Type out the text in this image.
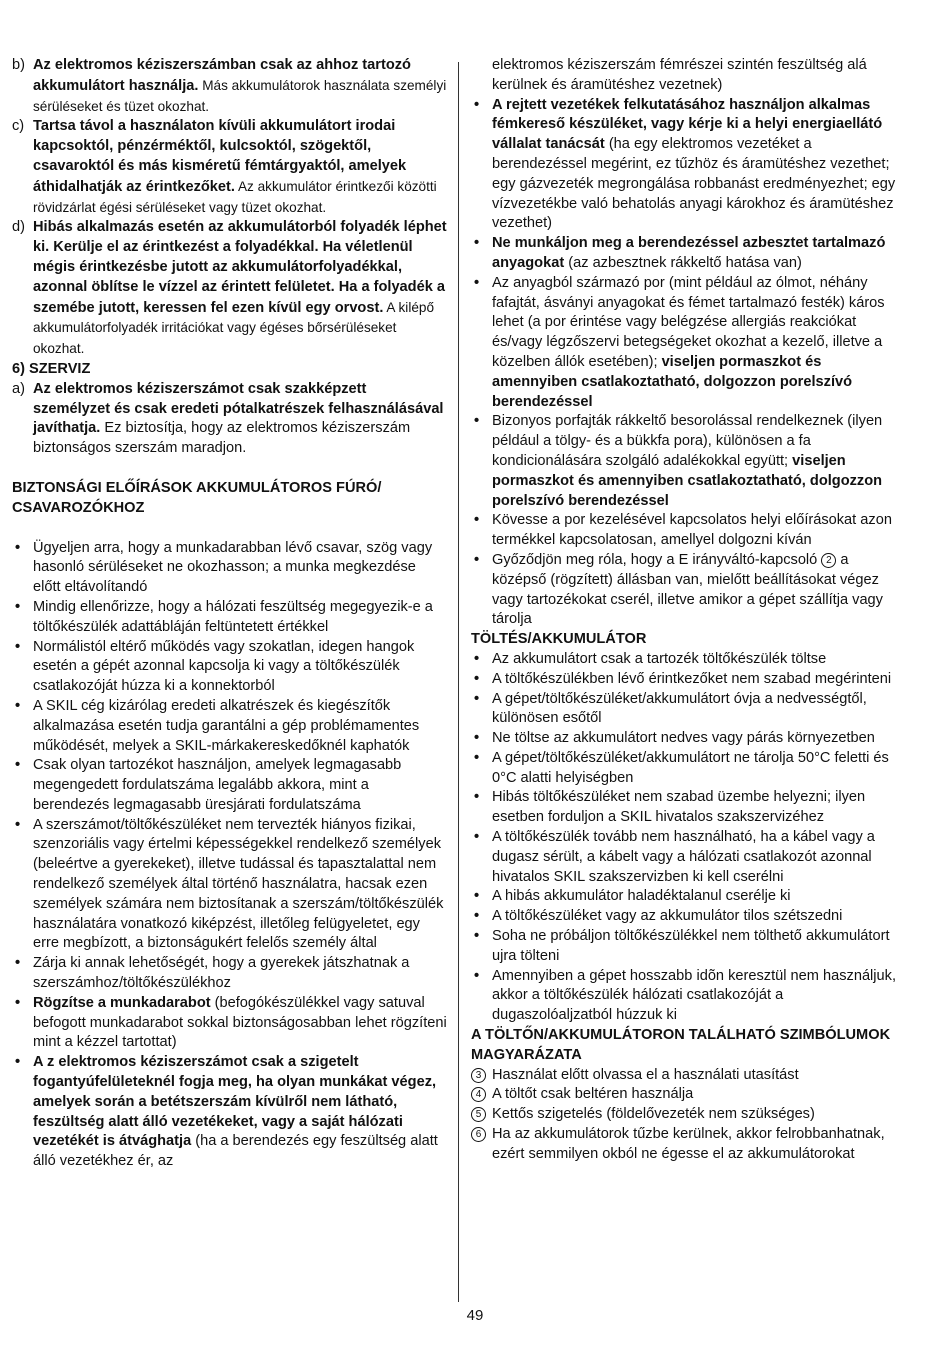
b) Az elektromos kéziszerszámban csak az ahhoz tartozó akkumulátort használja. Más akkumulátorok használata személyi sérüléseket és tüzet okozhat.
c) Tartsa távol a használaton kívüli akkumulátort irodai kapcsoktól, pénzérméktől, kulcsoktól, szögektől, csavaroktól és más kisméretű fémtárgyaktól, amelyek áthidalhatják az érintkezőket. Az akkumulátor érintkezői közötti rövidzárlat égési sérüléseket vagy tüzet okozhat.
d) Hibás alkalmazás esetén az akkumulátorból folyadék léphet ki. Kerülje el az érintkezést a folyadékkal. Ha véletlenül mégis érintkezésbe jutott az akkumulátorfolyadékkal, azonnal öblítse le vízzel az érintett felületet. Ha a folyadék a szemébe jutott, keressen fel ezen kívül egy orvost. A kilépő akkumulátorfolyadék irritációkat vagy égéses bőrsérüléseket okozhat.
6) SZERVIZ
a) Az elektromos kéziszerszámot csak szakképzett személyzet és csak eredeti pótalkatrészek felhasználásával javíthatja. Ez biztosítja, hogy az elektromos kéziszerszám biztonságos szerszám maradjon.
BIZTONSÁGI ELŐÍRÁSOK AKKUMULÁTOROS FÚRÓ/ CSAVAROZÓKHOZ
• Ügyeljen arra, hogy a munkadarabban lévő csavar, szög vagy hasonló sérüléseket ne okozhasson; a munka megkezdése előtt eltávolítandó
• Mindig ellenőrizze, hogy a hálózati feszültség megegyezik-e a töltőkészülék adattábláján feltüntetett értékkel
• Normálistól eltérő működés vagy szokatlan, idegen hangok esetén a gépét azonnal kapcsolja ki vagy a töltőkészülék csatlakozóját húzza ki a konnektorból
• A SKIL cég kizárólag eredeti alkatrészek és kiegészítők alkalmazása esetén tudja garantálni a gép problémamentes működését, melyek a SKIL-márkakereskedőknél kaphatók
• Csak olyan tartozékot használjon, amelyek legmagasabb megengedett fordulatszáma legalább akkora, mint a berendezés legmagasabb üresjárati fordulatszáma
• A szerszámot/töltőkészüléket nem tervezték hiányos fizikai, szenzoriális vagy értelmi képességekkel rendelkező személyek (beleértve a gyerekeket), illetve tudással és tapasztalattal nem rendelkező személyek által történő használatra, hacsak ezen személyek számára nem biztosítanak a szerszám/töltőkészülék használatára vonatkozó kiképzést, illetőleg felügyeletet, egy erre megbízott, a biztonságukért felelős személy által
• Zárja ki annak lehetőségét, hogy a gyerekek játszhatnak a szerszámhoz/töltőkészülékhoz
• Rögzítse a munkadarabot (befogókészülékkel vagy satuval befogott munkadarabot sokkal biztonságosabban lehet rögzíteni mint a kézzel tartottat)
• A z elektromos kéziszerszámot csak a szigetelt fogantyúfelületeknél fogja meg, ha olyan munkákat végez, amelyek során a betétszerszám kívülről nem látható, feszültség alatt álló vezetékeket, vagy a saját hálózati vezetékét is átvághatja (ha a berendezés egy feszültség alatt álló vezetékhez ér, az
elektromos kéziszerszám fémrészei szintén feszültség alá kerülnek és áramütéshez vezetnek)
• A rejtett vezetékek felkutatásához használjon alkalmas fémkereső készüléket, vagy kérje ki a helyi energiaellátó vállalat tanácsát (ha egy elektromos vezetéket a berendezéssel megérint, ez tűzhöz és áramütéshez vezethet; egy gázvezeték megrongálása robbanást eredményezhet; egy vízvezetékbe való behatolás anyagi károkhoz és áramütéshez vezethet)
• Ne munkáljon meg a berendezéssel azbesztet tartalmazó anyagokat (az azbesztnek rákkeltő hatása van)
• Az anyagból származó por (mint például az ólmot, néhány fafajtát, ásványi anyagokat és fémet tartalmazó festék) káros lehet (a por érintése vagy belégzése allergiás reakciókat és/vagy légzőszervi betegségeket okozhat a kezelő, illetve a közelben állók esetében); viseljen pormaszkot és amennyiben csatlakoztatható, dolgozzon porelszívó berendezéssel
• Bizonyos porfajták rákkeltő besorolással rendelkeznek (ilyen például a tölgy- és a bükkfa pora), különösen a fa kondicionálására szolgáló adalékokkal együtt; viseljen pormaszkot és amennyiben csatlakoztatható, dolgozzon porelszívó berendezéssel
• Kövesse a por kezelésével kapcsolatos helyi előírásokat azon termékkel kapcsolatosan, amellyel dolgozni kíván
• Győződjön meg róla, hogy a E irányváltó-kapcsoló 2 a középső (rögzített) állásban van, mielőtt beállításokat végez vagy tartozékokat cserél, illetve amikor a gépet szállítja vagy tárolja
TÖLTÉS/AKKUMULÁTOR
• Az akkumulátort csak a tartozék töltőkészülék töltse
• A töltőkészülékben lévő érintkezőket nem szabad megérinteni
• A gépet/töltőkészüléket/akkumulátort óvja a nedvességtől, különösen esőtől
• Ne töltse az akkumulátort nedves vagy párás környezetben
• A gépet/töltőkészüléket/akkumulátort ne tárolja 50°C feletti és 0°C alatti helyiségben
• Hibás töltőkészüléket nem szabad üzembe helyezni; ilyen esetben forduljon a SKIL hivatalos szakszervizéhez
• A töltőkészülék tovább nem használható, ha a kábel vagy a dugasz sérült, a kábelt vagy a hálózati csatlakozót azonnal hivatalos SKIL szakszervizben ki kell cserélni
• A hibás akkumulátor haladéktalanul cserélje ki
• A töltőkészüléket vagy az akkumulátor tilos szétszedni
• Soha ne próbáljon töltőkészülékkel nem tölthető akkumulátort ujra tölteni
• Amennyiben a gépet hosszabb idõn keresztül nem használjuk, akkor a töltőkészülék hálózati csatlakozóját a dugaszolóaljzatból húzzuk ki
A TÖLTŐN/AKKUMULÁTORON TALÁLHATÓ SZIMBÓLUMOK MAGYARÁZATA
3 Használat előtt olvassa el a használati utasítást
4 A töltőt csak beltéren használja
5 Kettős szigetelés (földelővezeték nem szükséges)
6 Ha az akkumulátorok tűzbe kerülnek, akkor felrobbanhatnak, ezért semmilyen okból ne égesse el az akkumulátorokat
49
